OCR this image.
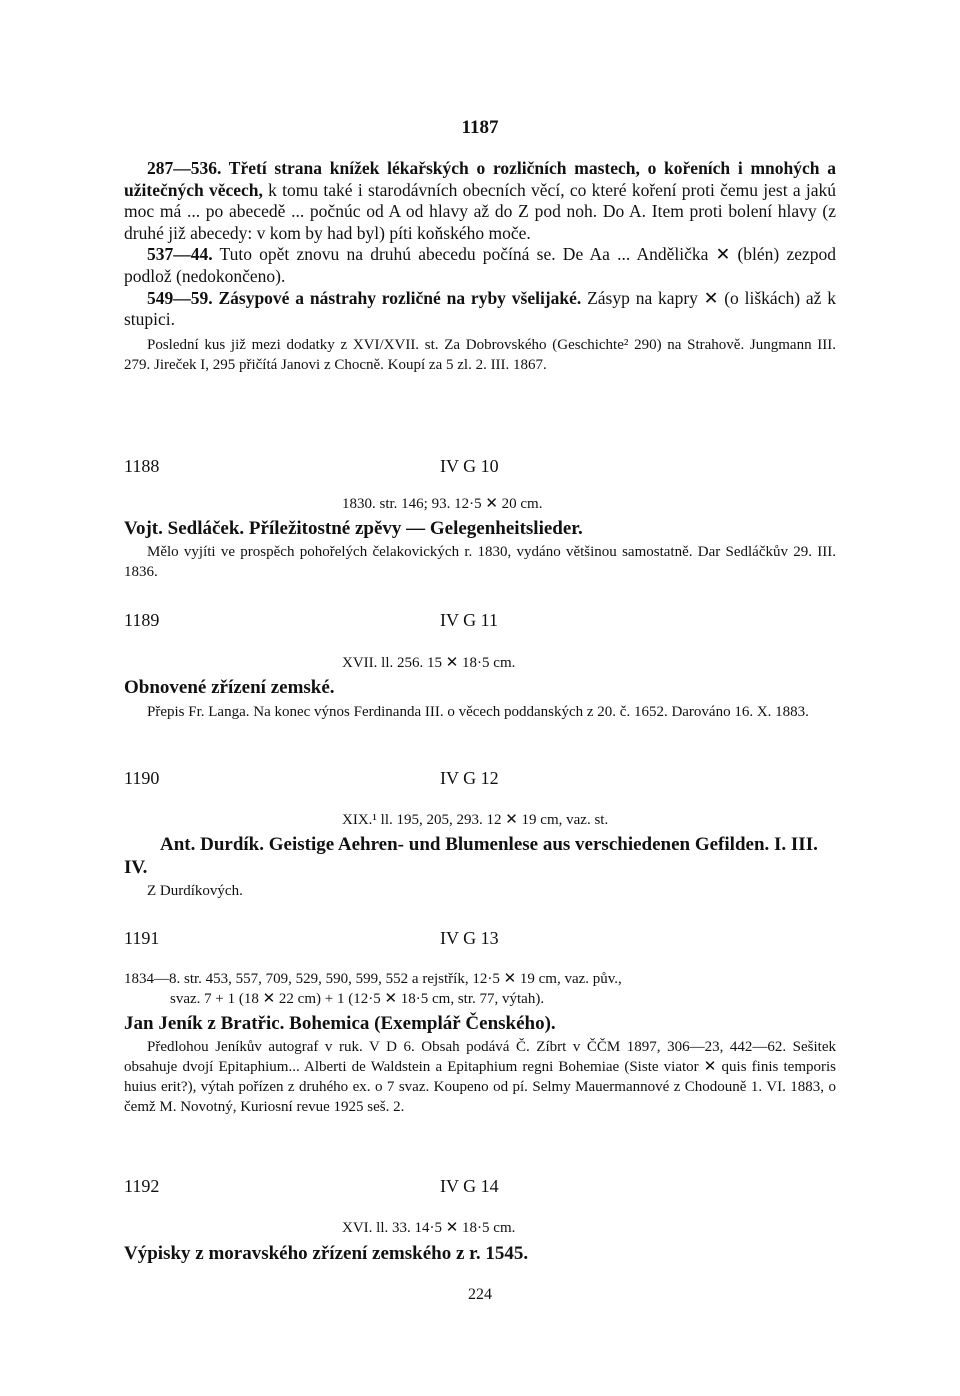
1187

287—536. Třetí strana knížek lékařských o rozličních mastech, o kořeních i mnohých a užitečných věcech, k tomu také i starodávních obecních věcí, co které koření proti čemu jest a jakú moc má ... po abecedě ... počnúc od A od hlavy až do Z pod noh. Do A. Item proti bolení hlavy (z druhé již abecedy: v kom by had byl) píti koňského moče.

537—44. Tuto opět znovu na druhú abecedu počíná se. De Aa ... Andělička ✕ (blén) zezpod podlož (nedokončeno).

549—59. Zásypové a nástrahy rozličné na ryby všelijaké. Zásyp na kapry ✕ (o liškách) až k stupici.

Poslední kus již mezi dodatky z XVI/XVII. st. Za Dobrovského (Geschichte² 290) na Strahově. Jungmann III. 279. Jireček I, 295 přičítá Janovi z Chocně. Koupí za 5 zl. 2. III. 1867.

1188	IV G 10

1830. str. 146; 93. 12·5 ✕ 20 cm.

Vojt. Sedláček. Příležitostné zpěvy — Gelegenheitslieder.

Mělo vyjíti ve prospěch pohořelých čelakovických r. 1830, vydáno většinou samostatně. Dar Sedláčkův 29. III. 1836.

1189	IV G 11

XVII. ll. 256. 15 ✕ 18·5 cm.

Obnovené zřízení zemské.

Přepis Fr. Langa. Na konec výnos Ferdinanda III. o věcech poddanských z 20. č. 1652. Darováno 16. X. 1883.

1190	IV G 12

XIX.¹ ll. 195, 205, 293. 12 ✕ 19 cm, vaz. st.

Ant. Durdík. Geistige Aehren- und Blumenlese aus verschiedenen Gefilden. I. III. IV.

Z Durdíkových.

1191	IV G 13

1834—8. str. 453, 557, 709, 529, 590, 599, 552 a rejstřík, 12·5 ✕ 19 cm, vaz. pův.,
svaz. 7 + 1 (18 ✕ 22 cm) + 1 (12·5 ✕ 18·5 cm, str. 77, výtah).

Jan Jeník z Bratřic. Bohemica (Exemplář Čenského).

Předlohou Jeníkův autograf v ruk. V D 6. Obsah podává Č. Zíbrt v ČČM 1897, 306—23, 442—62. Sešitek obsahuje dvojí Epitaphium... Alberti de Waldstein a Epitaphium regni Bohemiae (Siste viator ✕ quis finis temporis huius erit?), výtah pořízen z druhého ex. o 7 svaz. Koupeno od pí. Selmy Mauermannové z Chodouně 1. VI. 1883, o čemž M. Novotný, Kuriosní revue 1925 seš. 2.

1192	IV G 14

XVI. ll. 33. 14·5 ✕ 18·5 cm.

Výpisky z moravského zřízení zemského z r. 1545.

224
